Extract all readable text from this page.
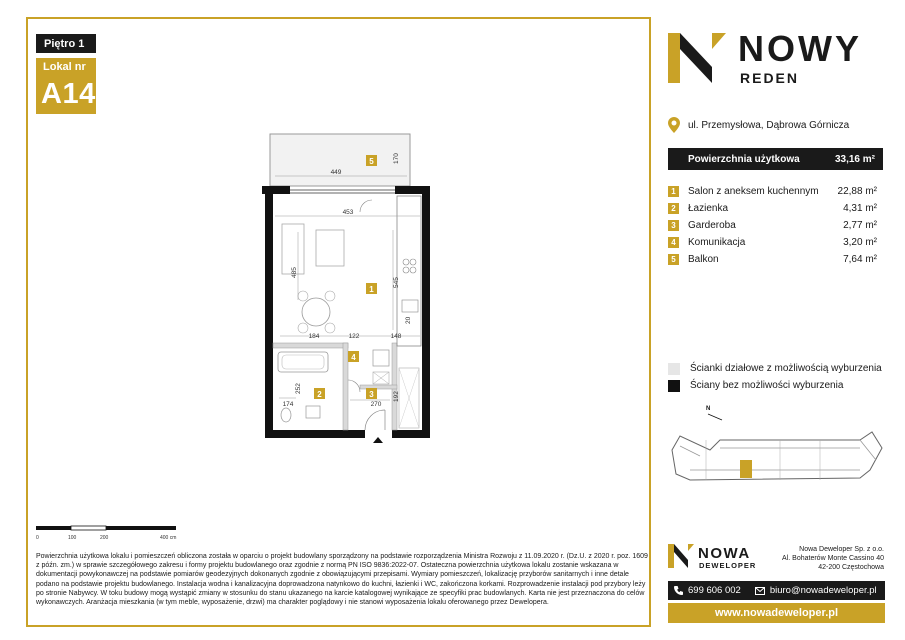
Piętro 1
Lokal nr
A14
449
170
453
485
545
184	122	148
252
174	270
192
20
1
2	3
4
5
N
NOWY
REDEN
ul. Przemysłowa, Dąbrowa Górnicza
Powierzchnia użytkowa	33,16 m²
1	Salon z aneksem kuchennym	22,88 m²
2	Łazienka	4,31 m²
3	Garderoba	2,77 m²
4	Komunikacja	3,20 m²
5	Balkon	7,64 m²
Ścianki działowe z możliwością wyburzenia
Ściany bez możliwości wyburzenia
0	100	200	400 cm
Powierzchnia użytkowa lokalu i pomieszczeń obliczona została w oparciu o projekt budowlany sporządzony na podstawie rozporządzenia Ministra Rozwoju z 11.09.2020 r. (Dz.U. z 2020 r. poz. 1609 z późn. zm.) w sprawie szczegółowego zakresu i formy projektu budowlanego oraz zgodnie z normą PN ISO 9836:2022-07. Ostateczna powierzchnia użytkowa lokalu zostanie wskazana w dokumentacji powykonawczej na podstawie pomiarów geodezyjnych dokonanych zgodnie z obowiązującymi przepisami. Wymiary pomieszczeń, lokalizację przyborów sanitarnych i inne detale podano na podstawie projektu budowlanego. Instalacja wodna i kanalizacyjna doprowadzona natynkowo do kuchni, łazienki i WC, zakończona korkami. Rozprowadzenie instalacji pod przybory leży po stronie Nabywcy. W toku budowy mogą wystąpić zmiany w stosunku do stanu ukazanego na karcie katalogowej wynikające ze specyfiki prac budowlanych. Karta nie jest przeznaczona do celów wykonawczych. Aranżacja mieszkania (w tym meble, wyposażenie, drzwi) ma charakter poglądowy i nie stanowi wyposażenia lokalu oferowanego przez Dewelopera.
NOWA
DEWELOPER
Nowa Deweloper Sp. z o.o.
Al. Bohaterów Monte Cassino 40
42-200 Częstochowa
699 606 002	biuro@nowadeweloper.pl
www.nowadeweloper.pl
